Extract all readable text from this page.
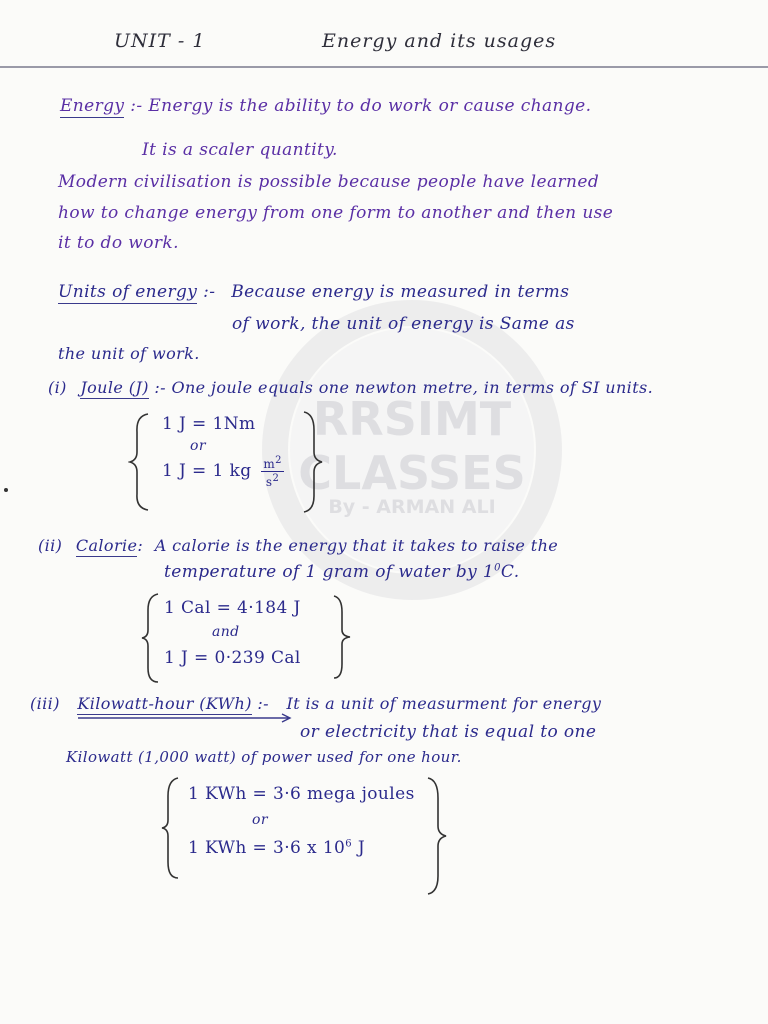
RRSIMT
CLASSES
By - ARMAN ALI
UNIT - 1	Energy and its usages
Energy :- Energy is the ability to do work or cause change.
It is a scaler quantity.
Modern civilisation is possible because people have learned
how to change energy from one form to another and then use
it to do work.
Units of energy :- Because energy is measured in terms
of work, the unit of energy is Same as
the unit of work.
(i) Joule (J) :- One joule equals one newton metre, in terms of SI units.
1 J = 1Nm
or
1 J = 1 kg $\frac{m^2}{s^2}$
(ii) Calorie: A calorie is the energy that it takes to raise the
temperature of 1 gram of water by $1^0C$.
1 Cal = 4·184 J
and
1 J = 0·239 Cal
(iii) Kilowatt-hour (KWh) :- It is a unit of measurment for energy
or electricity that is equal to one
Kilowatt (1,000 watt) of power used for one hour.
1 KWh = 3·6 mega joules
or
1 KWh = 3·6 x $10^6$ J
